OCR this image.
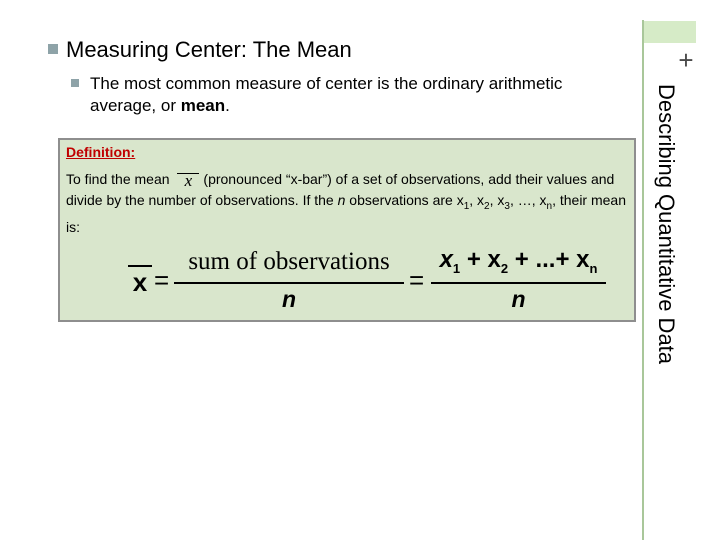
+
Describing Quantitative Data
Measuring Center: The Mean
The most common measure of center is the ordinary arithmetic average, or mean.
Definition:
To find the mean x (pronounced “x-bar”) of a set of observations, add their values and divide by the number of observations. If the n observations are $x_1$, $x_2$, $x_3$, …, $x_n$, their mean is:
x =
sum of observations
n
=
$x_1 + x_2$ + ...+ $x_n$
n
